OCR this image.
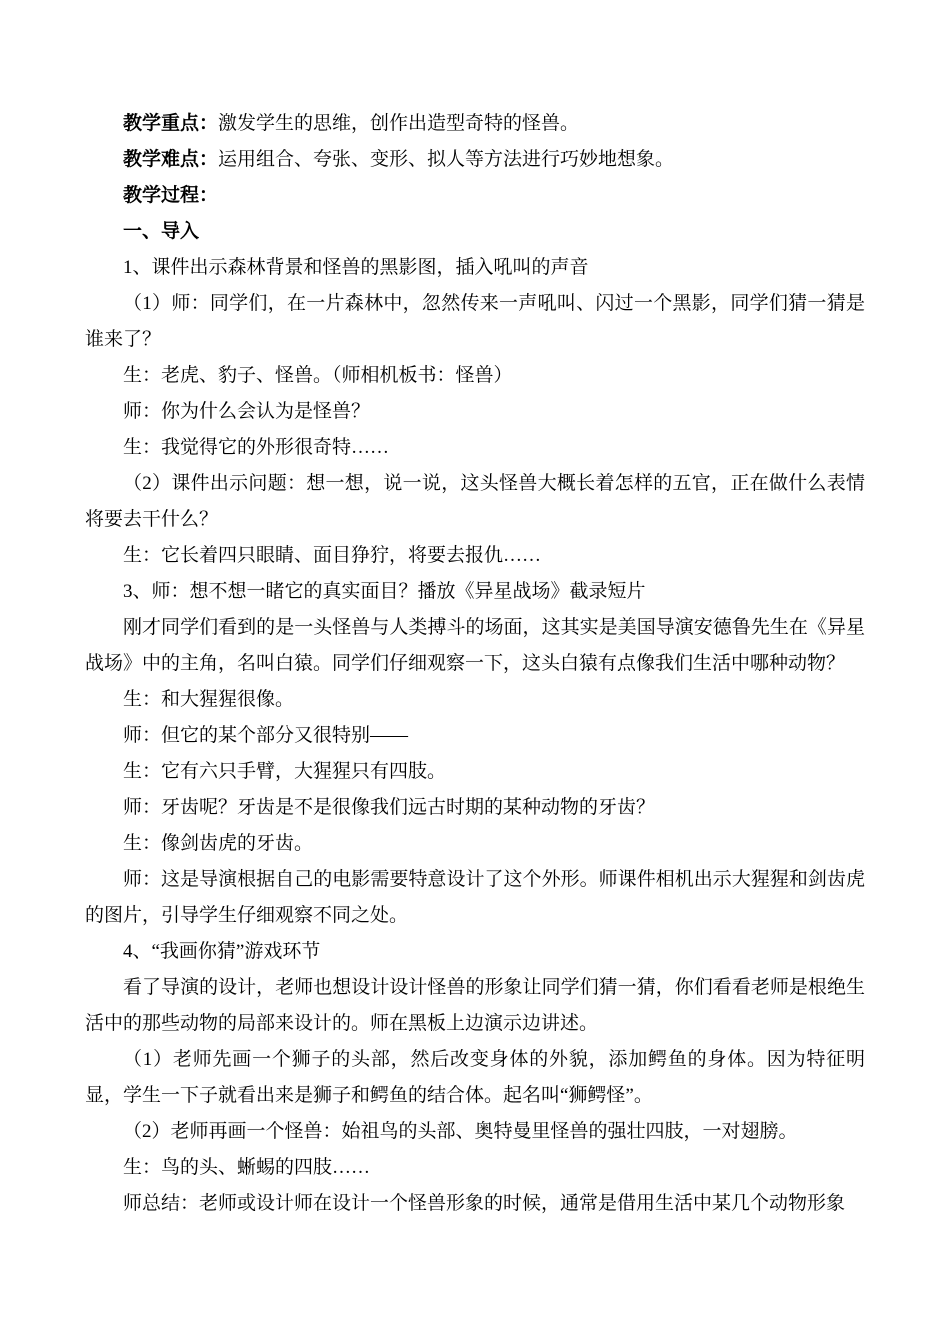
教学重点：激发学生的思维，创作出造型奇特的怪兽。

教学难点：运用组合、夸张、变形、拟人等方法进行巧妙地想象。

教学过程：

一、导入

1、课件出示森林背景和怪兽的黑影图，插入吼叫的声音

（1）师：同学们，在一片森林中，忽然传来一声吼叫、闪过一个黑影，同学们猜一猜是谁来了？

生：老虎、豹子、怪兽。（师相机板书：怪兽）

师：你为什么会认为是怪兽？

生：我觉得它的外形很奇特……

（2）课件出示问题：想一想，说一说，这头怪兽大概长着怎样的五官，正在做什么表情将要去干什么？

生：它长着四只眼睛、面目狰狞，将要去报仇……

3、师：想不想一睹它的真实面目？播放《异星战场》截录短片

刚才同学们看到的是一头怪兽与人类搏斗的场面，这其实是美国导演安德鲁先生在《异星战场》中的主角，名叫白猿。同学们仔细观察一下，这头白猿有点像我们生活中哪种动物？

生：和大猩猩很像。

师：但它的某个部分又很特别——

生：它有六只手臂，大猩猩只有四肢。

师：牙齿呢？牙齿是不是很像我们远古时期的某种动物的牙齿？

生：像剑齿虎的牙齿。

师：这是导演根据自己的电影需要特意设计了这个外形。师课件相机出示大猩猩和剑齿虎的图片，引导学生仔细观察不同之处。

4、“我画你猜”游戏环节

看了导演的设计，老师也想设计设计怪兽的形象让同学们猜一猜，你们看看老师是根绝生活中的那些动物的局部来设计的。师在黑板上边演示边讲述。

（1）老师先画一个狮子的头部，然后改变身体的外貌，添加鳄鱼的身体。因为特征明显，学生一下子就看出来是狮子和鳄鱼的结合体。起名叫“狮鳄怪”。

（2）老师再画一个怪兽：始祖鸟的头部、奥特曼里怪兽的强壮四肢，一对翅膀。

生：鸟的头、蜥蜴的四肢……

师总结：老师或设计师在设计一个怪兽形象的时候，通常是借用生活中某几个动物形象
